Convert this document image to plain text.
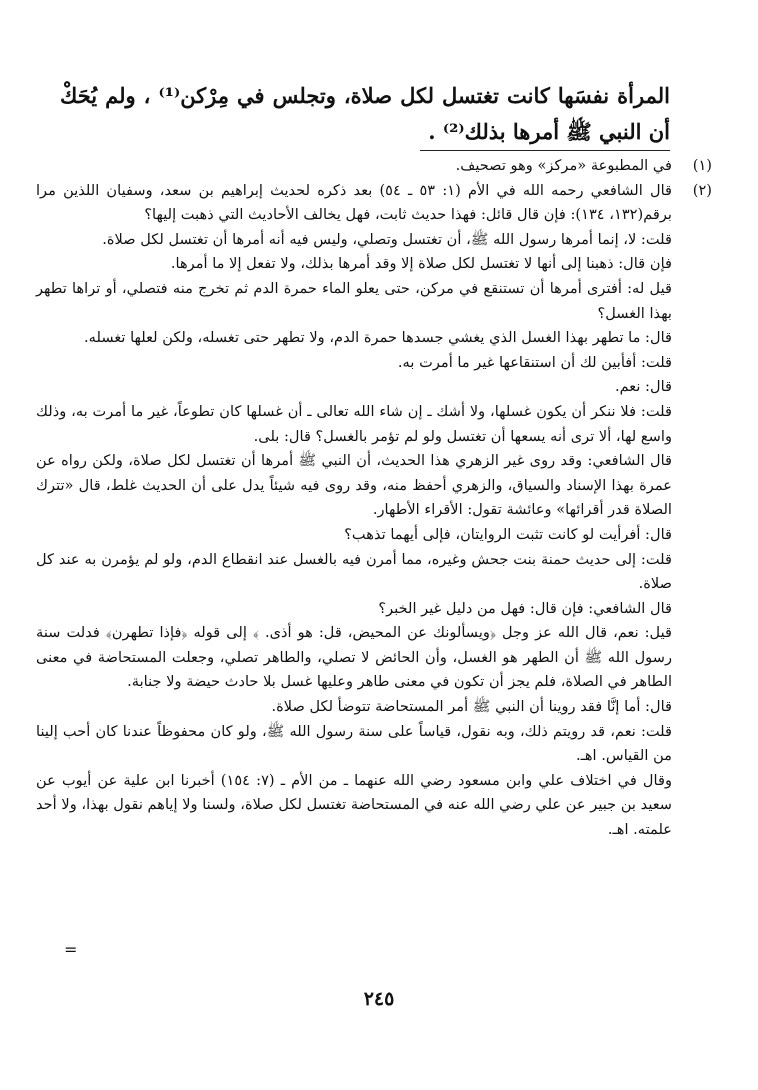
المرأة نفسَها كانت تغتسل لكل صلاة، وتجلس في مِرْكن⁽¹⁾ ، ولم يُحَكْ أن النبي ﷺ أمرها بذلك⁽²⁾ .

(١)

في المطبوعة «مركز» وهو تصحيف.

(٢)

قال الشافعي رحمه الله في الأم (١: ٥٣ ـ ٥٤) بعد ذكره لحديث إبراهيم بن سعد، وسفيان اللذين مرا برقم(١٣٢، ١٣٤): فإن قال قائل: فهذا حديث ثابت، فهل يخالف الأحاديث التي ذهبت إليها؟

قلت: لا، إنما أمرها رسول الله ﷺ، أن تغتسل وتصلي، وليس فيه أنه أمرها أن تغتسل لكل صلاة.

فإن قال: ذهبنا إلى أنها لا تغتسل لكل صلاة إلا وقد أمرها بذلك، ولا تفعل إلا ما أمرها.

قيل له: أفترى أمرها أن تستنقع في مركن، حتى يعلو الماء حمرة الدم ثم تخرج منه فتصلي، أو تراها تطهر بهذا الغسل؟

قال: ما تطهر بهذا الغسل الذي يغشي جسدها حمرة الدم، ولا تطهر حتى تغسله، ولكن لعلها تغسله.

قلت: أفأبين لك أن استنقاعها غير ما أمرت به.

قال: نعم.

قلت: فلا ننكر أن يكون غسلها، ولا أشك ـ إن شاء الله تعالى ـ أن غسلها كان تطوعاً، غير ما أمرت به، وذلك واسع لها، ألا ترى أنه يسعها أن تغتسل ولو لم تؤمر بالغسل؟ قال: بلى.

قال الشافعي: وقد روى غير الزهري هذا الحديث، أن النبي ﷺ أمرها أن تغتسل لكل صلاة، ولكن رواه عن عمرة بهذا الإسناد والسياق، والزهري أحفظ منه، وقد روى فيه شيئاً يدل على أن الحديث غلط، قال «تترك الصلاة قدر أقرائها» وعائشة تقول: الأقراء الأطهار.

قال: أفرأيت لو كانت تثبت الروايتان، فإلى أيهما تذهب؟

قلت: إلى حديث حمنة بنت جحش وغيره، مما أمرن فيه بالغسل عند انقطاع الدم، ولو لم يؤمرن به عند كل صلاة.

قال الشافعي: فإن قال: فهل من دليل غير الخبر؟

قيل: نعم، قال الله عز وجل ﴿ويسألونك عن المحيض، قل: هو أذى. ﴾ إلى قوله ﴿فإذا تطهرن﴾ فدلت سنة رسول الله ﷺ أن الطهر هو الغسل، وأن الحائض لا تصلي، والطاهر تصلي، وجعلت المستحاضة في معنى الطاهر في الصلاة، فلم يجز أن تكون في معنى طاهر وعليها غسل بلا حادث حيضة ولا جنابة.

قال: أما إنَّا فقد روينا أن النبي ﷺ أمر المستحاضة تتوضأ لكل صلاة.

قلت: نعم، قد رويتم ذلك، وبه نقول، قياساً على سنة رسول الله ﷺ، ولو كان محفوظاً عندنا كان أحب إلينا من القياس. اهـ.

وقال في اختلاف علي وابن مسعود رضي الله عنهما ـ من الأم ـ (٧: ١٥٤) أخبرنا ابن علية عن أيوب عن سعيد بن جبير عن علي رضي الله عنه في المستحاضة تغتسل لكل صلاة، ولسنا ولا إياهم نقول بهذا، ولا أحد علمته. اهـ.

=
٢٤٥
